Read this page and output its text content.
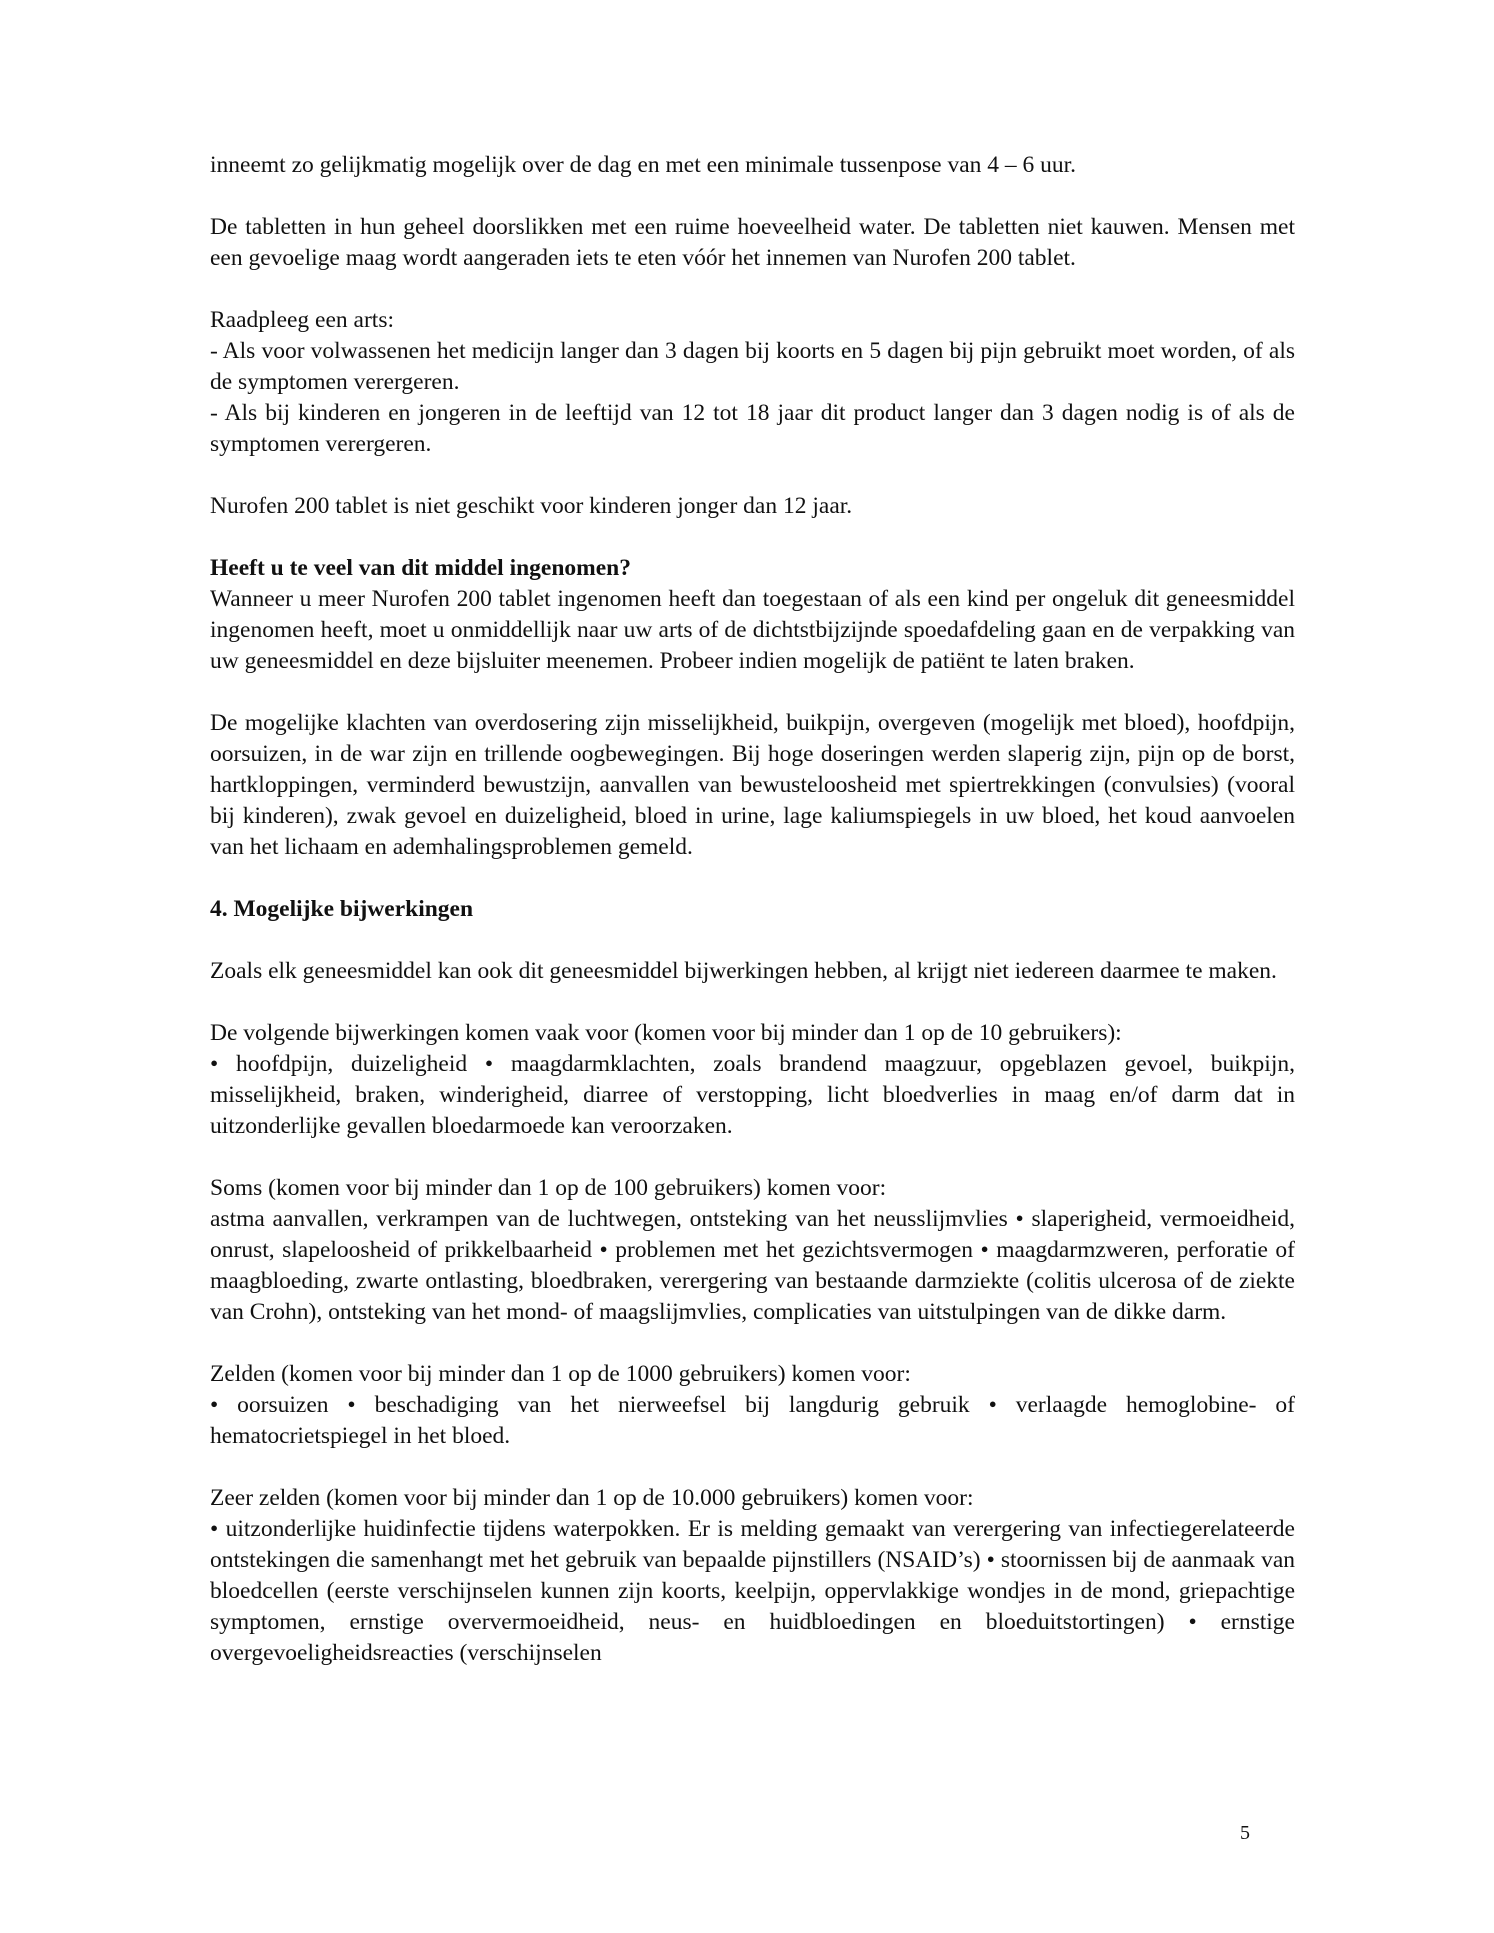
inneemt zo gelijkmatig mogelijk over de dag en met een minimale tussenpose van 4 – 6 uur.

De tabletten in hun geheel doorslikken met een ruime hoeveelheid water. De tabletten niet kauwen. Mensen met een gevoelige maag wordt aangeraden iets te eten vóór het innemen van Nurofen 200 tablet.

Raadpleeg een arts:

- Als voor volwassenen het medicijn langer dan 3 dagen bij koorts en 5 dagen bij pijn gebruikt moet worden, of als de symptomen verergeren.

- Als bij kinderen en jongeren in de leeftijd van 12 tot 18 jaar dit product langer dan 3 dagen nodig is of als de symptomen verergeren.

Nurofen 200 tablet is niet geschikt voor kinderen jonger dan 12 jaar.

Heeft u te veel van dit middel ingenomen?

Wanneer u meer Nurofen 200 tablet ingenomen heeft dan toegestaan of als een kind per ongeluk dit geneesmiddel ingenomen heeft, moet u onmiddellijk naar uw arts of de dichtstbijzijnde spoedafdeling gaan en de verpakking van uw geneesmiddel en deze bijsluiter meenemen. Probeer indien mogelijk de patiënt te laten braken.

De mogelijke klachten van overdosering zijn misselijkheid, buikpijn, overgeven (mogelijk met bloed), hoofdpijn, oorsuizen, in de war zijn en trillende oogbewegingen. Bij hoge doseringen werden slaperig zijn, pijn op de borst, hartkloppingen, verminderd bewustzijn, aanvallen van bewusteloosheid met spiertrekkingen (convulsies) (vooral bij kinderen), zwak gevoel en duizeligheid, bloed in urine, lage kaliumspiegels in uw bloed, het koud aanvoelen van het lichaam en ademhalingsproblemen gemeld.

4. Mogelijke bijwerkingen

Zoals elk geneesmiddel kan ook dit geneesmiddel bijwerkingen hebben, al krijgt niet iedereen daarmee te maken.

De volgende bijwerkingen komen vaak voor (komen voor bij minder dan 1 op de 10 gebruikers):

• hoofdpijn, duizeligheid • maagdarmklachten, zoals brandend maagzuur, opgeblazen gevoel, buikpijn, misselijkheid, braken, winderigheid, diarree of verstopping, licht bloedverlies in maag en/of darm dat in uitzonderlijke gevallen bloedarmoede kan veroorzaken.

Soms (komen voor bij minder dan 1 op de 100 gebruikers) komen voor:

astma aanvallen, verkrampen van de luchtwegen, ontsteking van het neusslijmvlies • slaperigheid, vermoeidheid, onrust, slapeloosheid of prikkelbaarheid • problemen met het gezichtsvermogen • maagdarmzweren, perforatie of maagbloeding, zwarte ontlasting, bloedbraken, verergering van bestaande darmziekte (colitis ulcerosa of de ziekte van Crohn), ontsteking van het mond- of maagslijmvlies, complicaties van uitstulpingen van de dikke darm.

Zelden (komen voor bij minder dan 1 op de 1000 gebruikers) komen voor:

• oorsuizen • beschadiging van het nierweefsel bij langdurig gebruik • verlaagde hemoglobine- of hematocrietspiegel in het bloed.

Zeer zelden (komen voor bij minder dan 1 op de 10.000 gebruikers) komen voor:

• uitzonderlijke huidinfectie tijdens waterpokken. Er is melding gemaakt van verergering van infectiegerelateerde ontstekingen die samenhangt met het gebruik van bepaalde pijnstillers (NSAID’s) • stoornissen bij de aanmaak van bloedcellen (eerste verschijnselen kunnen zijn koorts, keelpijn, oppervlakkige wondjes in de mond, griepachtige symptomen, ernstige oververmoeidheid, neus- en huidbloedingen en bloeduitstortingen) • ernstige overgevoeligheidsreacties (verschijnselen

5
